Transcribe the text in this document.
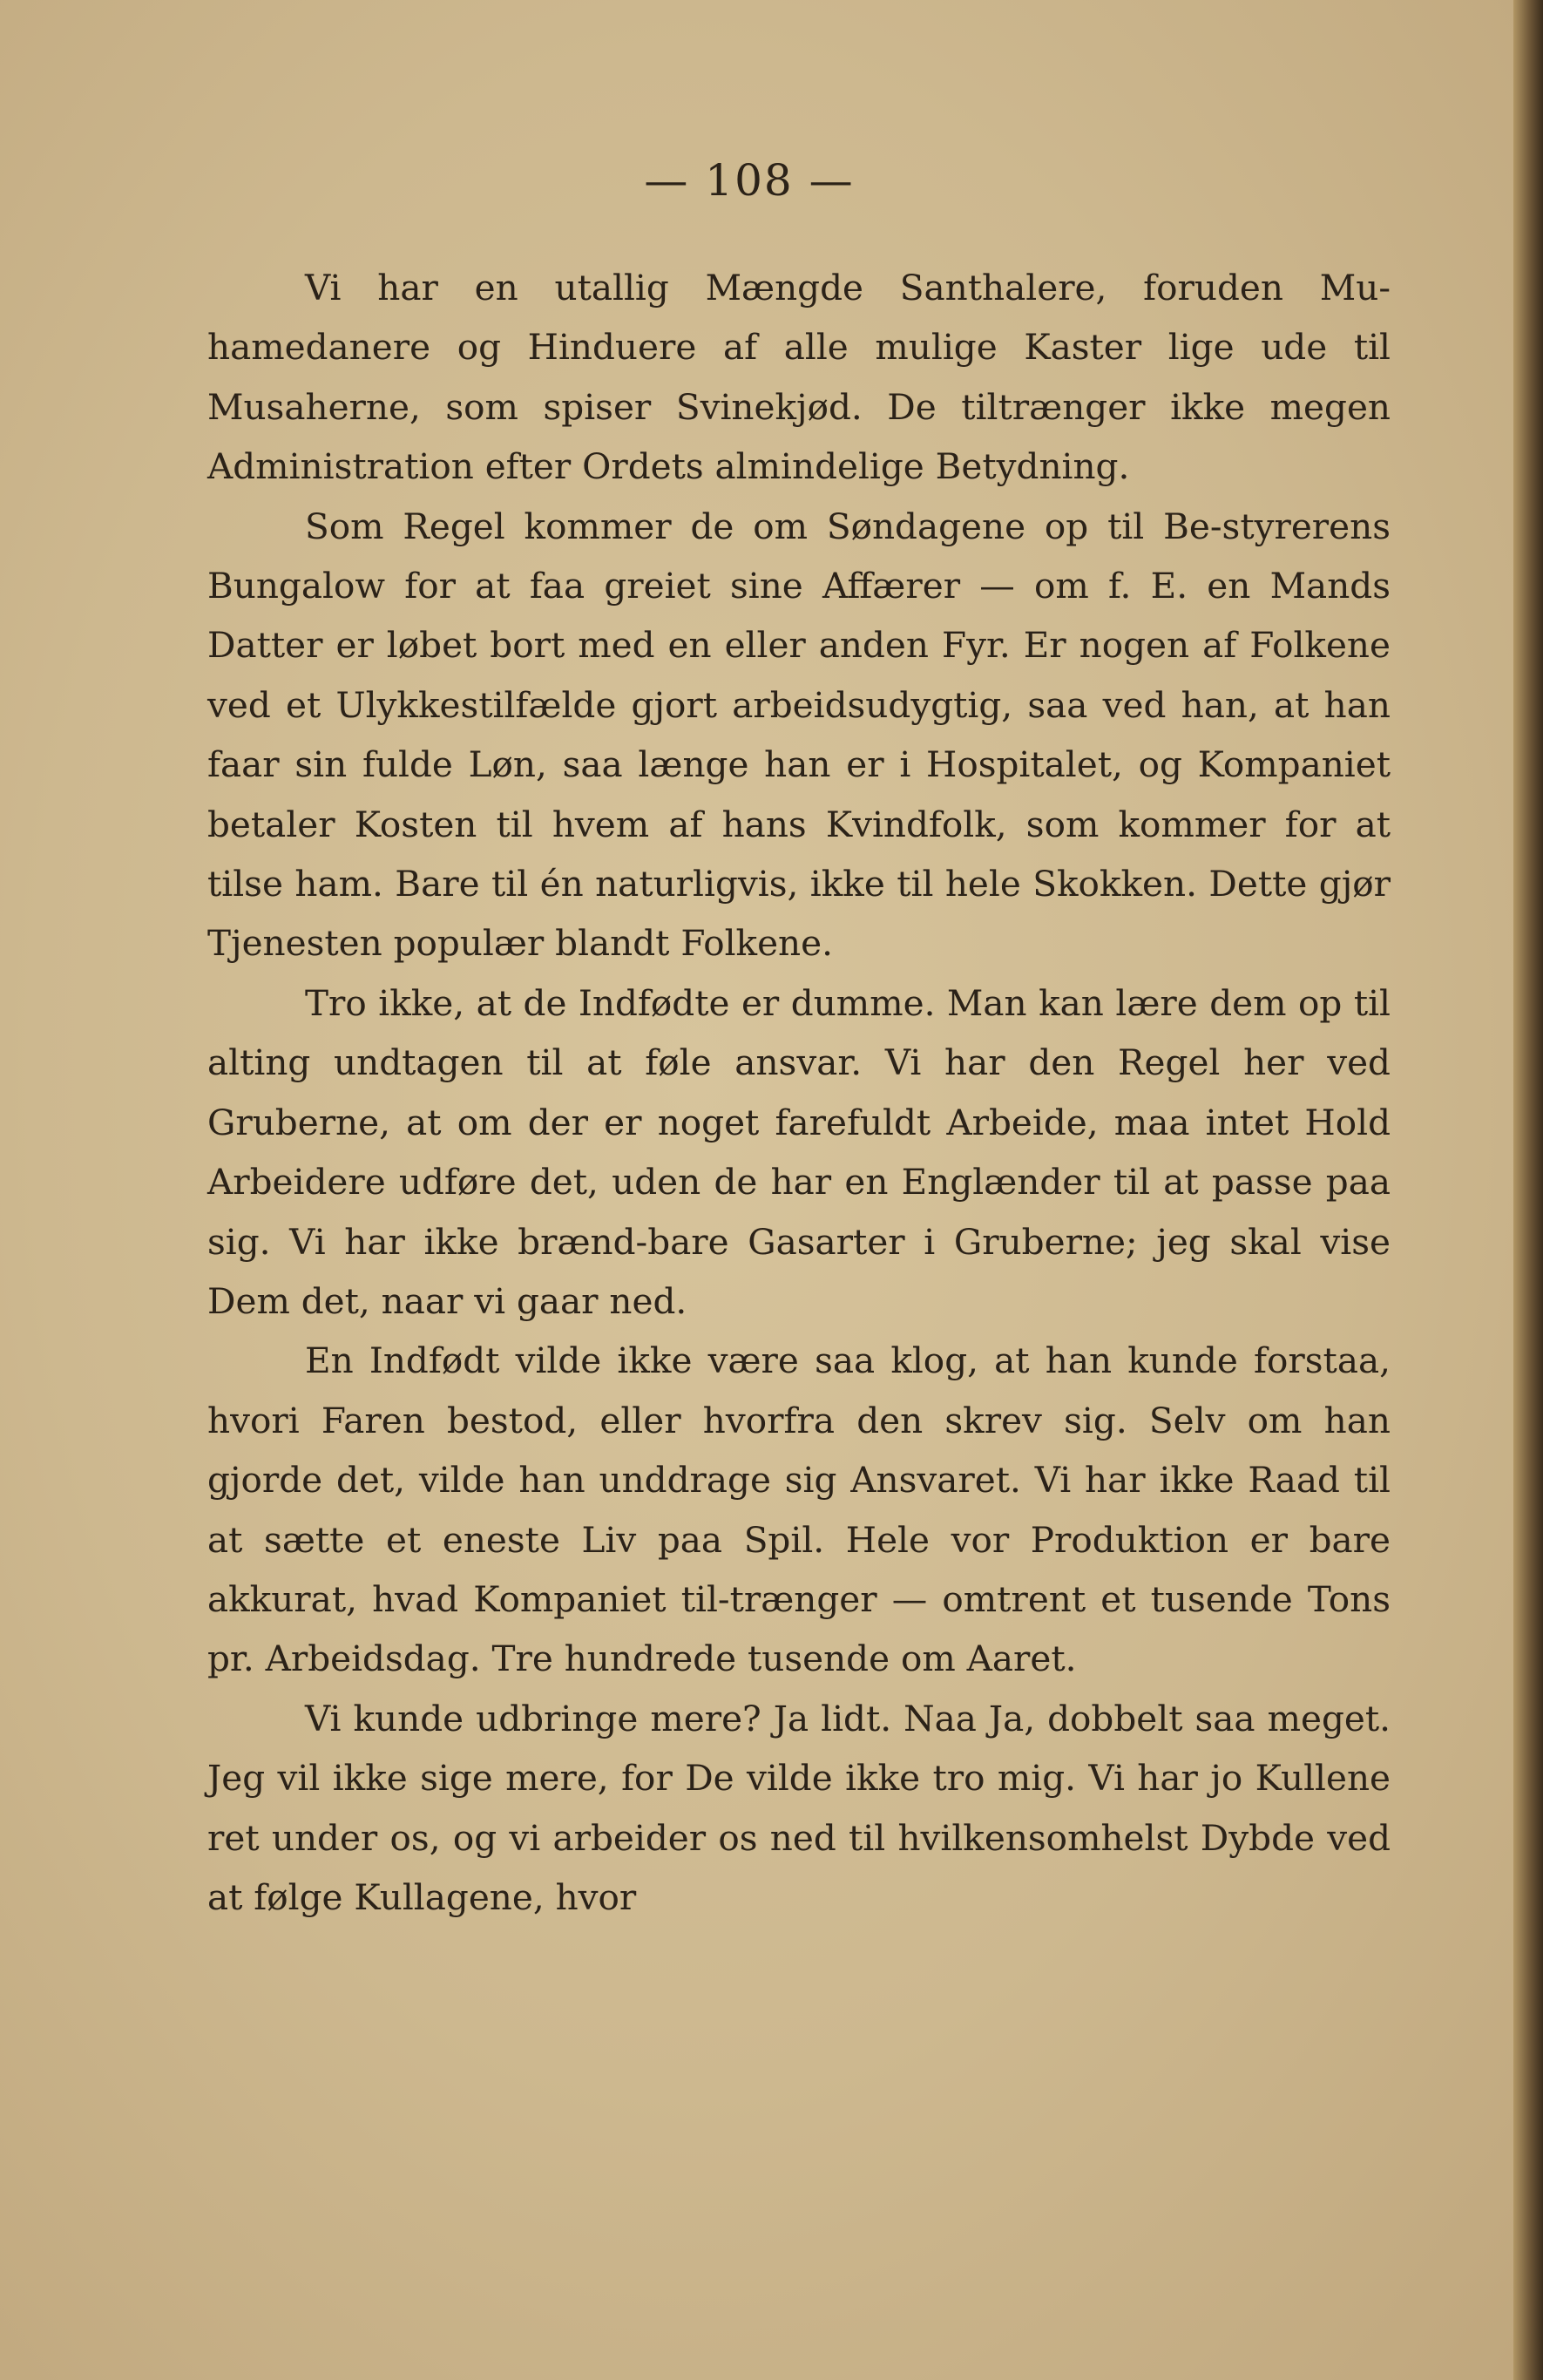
— 108 —

Vi har en utallig Mængde Santhalere, foruden Mu-hamedanere og Hinduere af alle mulige Kaster lige ude til Musaherne, som spiser Svinekjød. De tiltrænger ikke megen Administration efter Ordets almindelige Betydning.

Som Regel kommer de om Søndagene op til Be-styrerens Bungalow for at faa greiet sine Affærer — om f. E. en Mands Datter er løbet bort med en eller anden Fyr. Er nogen af Folkene ved et Ulykkestilfælde gjort arbeidsudygtig, saa ved han, at han faar sin fulde Løn, saa længe han er i Hospitalet, og Kompaniet betaler Kosten til hvem af hans Kvindfolk, som kommer for at tilse ham. Bare til én naturligvis, ikke til hele Skokken. Dette gjør Tjenesten populær blandt Folkene.

Tro ikke, at de Indfødte er dumme. Man kan lære dem op til alting undtagen til at føle ansvar. Vi har den Regel her ved Gruberne, at om der er noget farefuldt Arbeide, maa intet Hold Arbeidere udføre det, uden de har en Englænder til at passe paa sig. Vi har ikke brænd-bare Gasarter i Gruberne; jeg skal vise Dem det, naar vi gaar ned.

En Indfødt vilde ikke være saa klog, at han kunde forstaa, hvori Faren bestod, eller hvorfra den skrev sig. Selv om han gjorde det, vilde han unddrage sig Ansvaret. Vi har ikke Raad til at sætte et eneste Liv paa Spil. Hele vor Produktion er bare akkurat, hvad Kompaniet til-trænger — omtrent et tusende Tons pr. Arbeidsdag. Tre hundrede tusende om Aaret.

Vi kunde udbringe mere? Ja lidt. Naa Ja, dobbelt saa meget. Jeg vil ikke sige mere, for De vilde ikke tro mig. Vi har jo Kullene ret under os, og vi arbeider os ned til hvilkensomhelst Dybde ved at følge Kullagene, hvor
